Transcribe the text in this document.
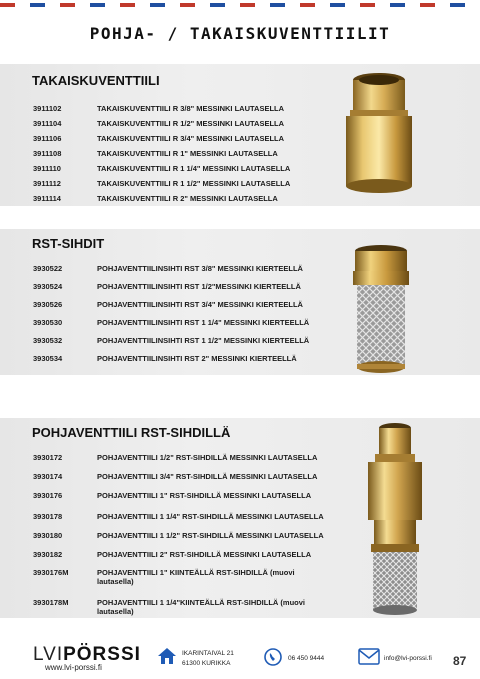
POHJA- / TAKAISKUVENTTIILIT
TAKAISKUVENTTIILI
3911102	TAKAISKUVENTTIILI R 3/8" MESSINKI LAUTASELLA
3911104	TAKAISKUVENTTIILI R 1/2" MESSINKI LAUTASELLA
3911106	TAKAISKUVENTTIILI R 3/4" MESSINKI LAUTASELLA
3911108	TAKAISKUVENTTIILI R 1" MESSINKI LAUTASELLA
3911110	TAKAISKUVENTTIILI R 1 1/4" MESSINKI LAUTASELLA
3911112	TAKAISKUVENTTIILI R 1 1/2" MESSINKI LAUTASELLA
3911114	TAKAISKUVENTTIILI R 2" MESSINKI LAUTASELLA
RST-SIHDIT
3930522	POHJAVENTTIILINSIHTI RST 3/8" MESSINKI KIERTEELLÄ
3930524	POHJAVENTTIILINSIHTI RST 1/2"MESSINKI KIERTEELLÄ
3930526	POHJAVENTTIILINSIHTI RST 3/4" MESSINKI KIERTEELLÄ
3930530	POHJAVENTTIILINSIHTI RST 1 1/4" MESSINKI KIERTEELLÄ
3930532	POHJAVENTTIILINSIHTI RST 1 1/2" MESSINKI KIERTEELLÄ
3930534	POHJAVENTTIILINSIHTI RST 2" MESSINKI KIERTEELLÄ
POHJAVENTTIILI RST-SIHDILLÄ
3930172	POHJAVENTTIILI 1/2" RST-SIHDILLÄ MESSINKI LAUTASELLA
3930174	POHJAVENTTIILI 3/4" RST-SIHDILLÄ MESSINKI LAUTASELLA
3930176	POHJAVENTTIILI 1" RST-SIHDILLÄ MESSINKI LAUTASELLA
3930178	POHJAVENTTIILI 1 1/4" RST-SIHDILLÄ MESSINKI LAUTASELLA
3930180	POHJAVENTTIILI 1 1/2" RST-SIHDILLÄ MESSINKI LAUTASELLA
3930182	POHJAVENTTIILI 2" RST-SIHDILLÄ MESSINKI LAUTASELLA
3930176M	POHJAVENTTIILI 1" KIINTEÄLLÄ RST-SIHDILLÄ (muovi lautasella)
3930178M	POHJAVENTTIILI 1 1/4"KIINTEÄLLÄ RST-SIHDILLÄ (muovi lautasella)
LVIPÖRSSI
www.lvi-porssi.fi
IKARINTAIVAL 21
61300 KURIKKA
06 450 9444	info@lvi-porssi.fi 87
